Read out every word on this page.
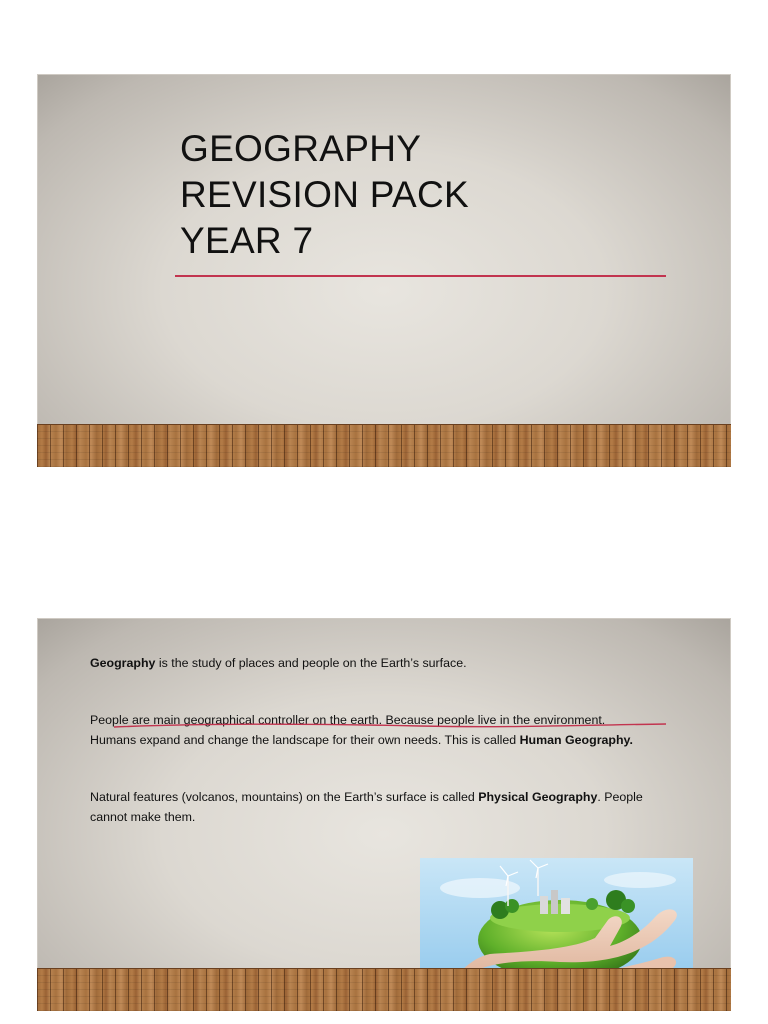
GEOGRAPHY
REVISION PACK
YEAR 7
Geography is the study of places and people on the Earth’s surface.
People are main geographical controller on the earth. Because people live in the environment.
Humans expand and change the landscape for their own needs. This is called Human Geography.
Natural features (volcanos, mountains) on the Earth’s surface is called Physical Geography. People cannot make them.
